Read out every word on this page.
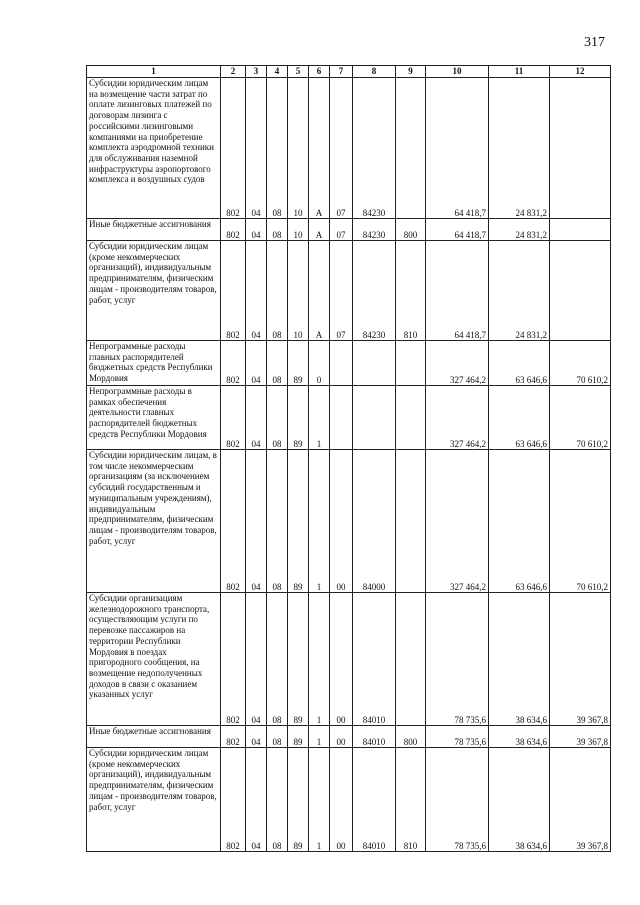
317
1	2	3	4	5	6	7	8	9	10	11	12
Субсидии юридическим лицам на возмещение части затрат по оплате лизинговых платежей по договорам лизинга с российскими лизинговыми компаниями на приобретение комплекта аэродромной техники для обслуживания наземной инфраструктуры аэропортового комплекса и воздушных судов	802	04	08	10	А	07	84230		64 418,7	24 831,2	
Иные бюджетные ассигнования	802	04	08	10	А	07	84230	800	64 418,7	24 831,2	
Субсидии юридическим лицам (кроме некоммерческих организаций), индивидуальным предпринимателям, физическим лицам - производителям товаров, работ, услуг	802	04	08	10	А	07	84230	810	64 418,7	24 831,2	
Непрограммные расходы главных распорядителей бюджетных средств Республики Мордовия	802	04	08	89	0				327 464,2	63 646,6	70 610,2
Непрограммные расходы в рамках обеспечения деятельности главных распорядителей бюджетных средств Республики Мордовия	802	04	08	89	1				327 464,2	63 646,6	70 610,2
Субсидии юридическим лицам, в том числе некоммерческим организациям (за исключением субсидий государственным и муниципальным учреждениям), индивидуальным предпринимателям, физическим лицам - производителям товаров, работ, услуг	802	04	08	89	1	00	84000		327 464,2	63 646,6	70 610,2
Субсидии организациям железнодорожного транспорта, осуществляющим услуги по перевозке пассажиров на территории Республики Мордовия в поездах пригородного сообщения, на возмещение недополученных доходов в связи с оказанием указанных услуг	802	04	08	89	1	00	84010		78 735,6	38 634,6	39 367,8
Иные бюджетные ассигнования	802	04	08	89	1	00	84010	800	78 735,6	38 634,6	39 367,8
Субсидии юридическим лицам (кроме некоммерческих организаций), индивидуальным предпринимателям, физическим лицам - производителям товаров, работ, услуг	802	04	08	89	1	00	84010	810	78 735,6	38 634,6	39 367,8
